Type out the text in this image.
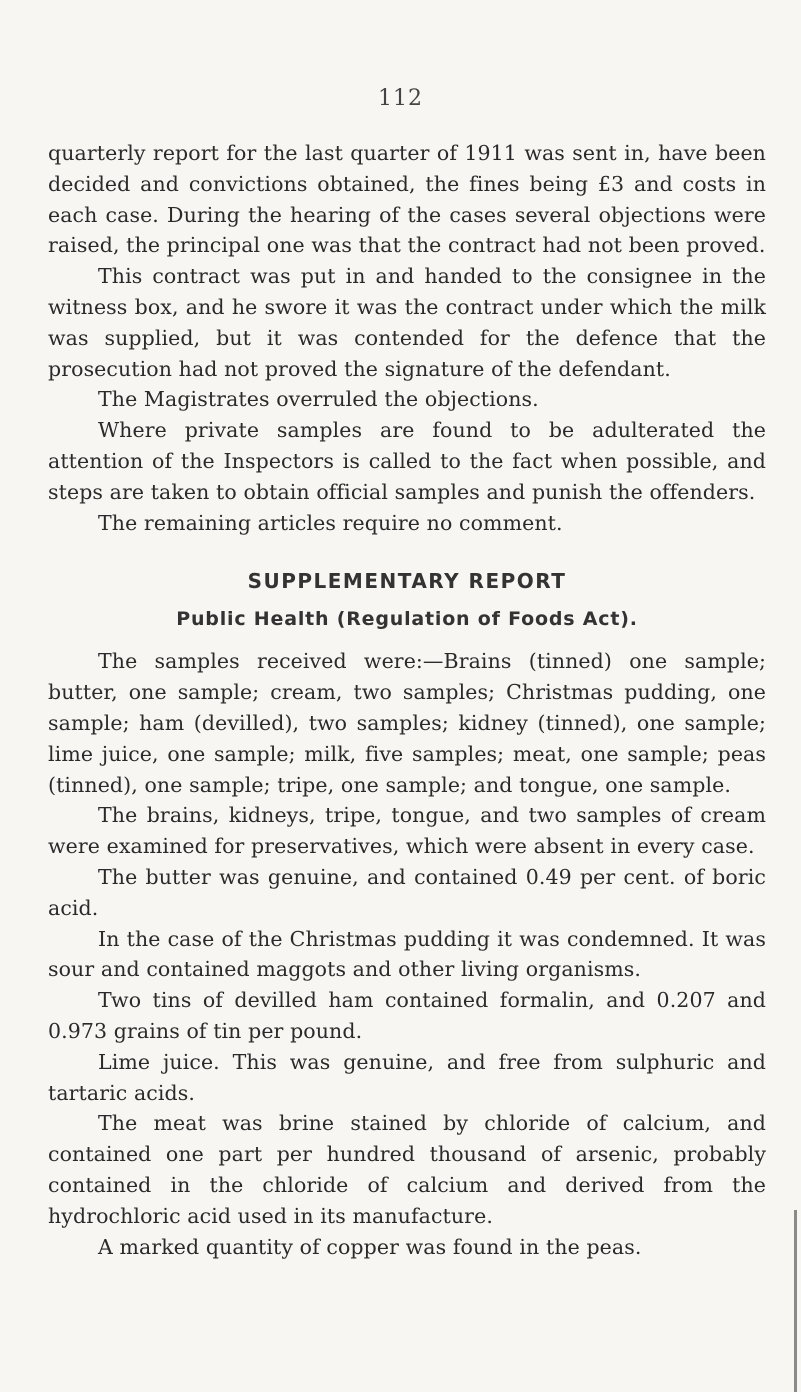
112

quarterly report for the last quarter of 1911 was sent in, have been decided and convictions obtained, the fines being £3 and costs in each case. During the hearing of the cases several objections were raised, the principal one was that the contract had not been proved.

This contract was put in and handed to the consignee in the witness box, and he swore it was the contract under which the milk was supplied, but it was contended for the defence that the prosecution had not proved the signature of the defendant.

The Magistrates overruled the objections.

Where private samples are found to be adulterated the attention of the Inspectors is called to the fact when possible, and steps are taken to obtain official samples and punish the offenders.

The remaining articles require no comment.

SUPPLEMENTARY REPORT
Public Health (Regulation of Foods Act).

The samples received were:—Brains (tinned) one sample; butter, one sample; cream, two samples; Christmas pudding, one sample; ham (devilled), two samples; kidney (tinned), one sample; lime juice, one sample; milk, five samples; meat, one sample; peas (tinned), one sample; tripe, one sample; and tongue, one sample.

The brains, kidneys, tripe, tongue, and two samples of cream were examined for preservatives, which were absent in every case.

The butter was genuine, and contained 0.49 per cent. of boric acid.

In the case of the Christmas pudding it was condemned. It was sour and contained maggots and other living organisms.

Two tins of devilled ham contained formalin, and 0.207 and 0.973 grains of tin per pound.

Lime juice. This was genuine, and free from sulphuric and tartaric acids.

The meat was brine stained by chloride of calcium, and contained one part per hundred thousand of arsenic, probably contained in the chloride of calcium and derived from the hydrochloric acid used in its manufacture.

A marked quantity of copper was found in the peas.
